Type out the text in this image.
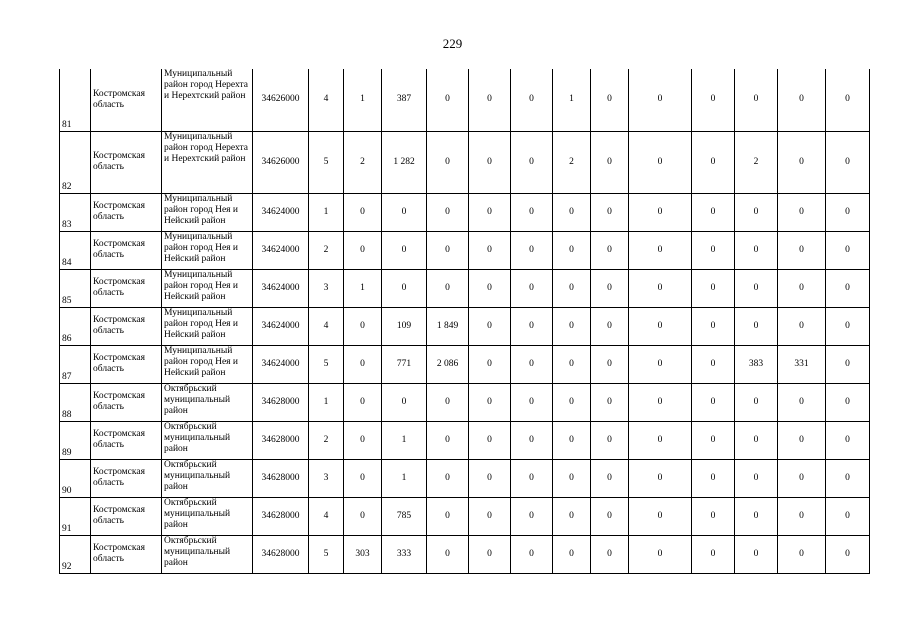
229
81	Костромская область	Муниципальный район город Нерехта и Нерехтский район	34626000	4	1	387	0	0	0	1	0	0	0	0	0	0
82	Костромская область	Муниципальный район город Нерехта и Нерехтский район	34626000	5	2	1 282	0	0	0	2	0	0	0	2	0	0
83	Костромская область	Муниципальный район город Нея и Нейский район	34624000	1	0	0	0	0	0	0	0	0	0	0	0	0
84	Костромская область	Муниципальный район город Нея и Нейский район	34624000	2	0	0	0	0	0	0	0	0	0	0	0	0
85	Костромская область	Муниципальный район город Нея и Нейский район	34624000	3	1	0	0	0	0	0	0	0	0	0	0	0
86	Костромская область	Муниципальный район город Нея и Нейский район	34624000	4	0	109	1 849	0	0	0	0	0	0	0	0	0
87	Костромская область	Муниципальный район город Нея и Нейский район	34624000	5	0	771	2 086	0	0	0	0	0	0	383	331	0
88	Костромская область	Октябрьский муниципальный район	34628000	1	0	0	0	0	0	0	0	0	0	0	0	0
89	Костромская область	Октябрьский муниципальный район	34628000	2	0	1	0	0	0	0	0	0	0	0	0	0
90	Костромская область	Октябрьский муниципальный район	34628000	3	0	1	0	0	0	0	0	0	0	0	0	0
91	Костромская область	Октябрьский муниципальный район	34628000	4	0	785	0	0	0	0	0	0	0	0	0	0
92	Костромская область	Октябрьский муниципальный район	34628000	5	303	333	0	0	0	0	0	0	0	0	0	0
